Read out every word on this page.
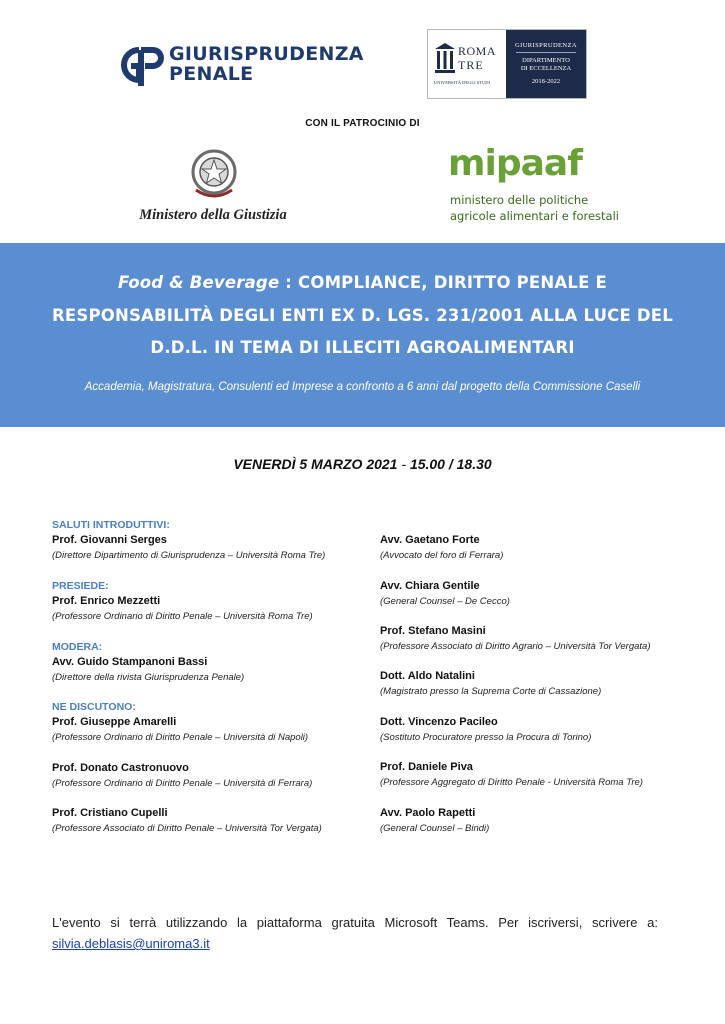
GIURISPRUDENZA
PENALE
ROMA
TRE
UNIVERSITÀ DEGLI STUDI
GIURISPRUDENZA
DIPARTIMENTO
DI ECCELLENZA
2018-2022
CON IL PATROCINIO DI
Ministero della Giustizia
mipaaf
ministero delle politiche
agricole alimentari e forestali
Food & Beverage : COMPLIANCE, DIRITTO PENALE E
RESPONSABILITÀ DEGLI ENTI EX D. LGS. 231/2001 ALLA LUCE DEL
D.D.L. IN TEMA DI ILLECITI AGROALIMENTARI
Accademia, Magistratura, Consulenti ed Imprese a confronto a 6 anni dal progetto della Commissione Caselli
VENERDÌ 5 MARZO 2021 - 15.00 / 18.30
SALUTI INTRODUTTIVI:
Prof. Giovanni Serges
(Direttore Dipartimento di Giurisprudenza – Università Roma Tre)
PRESIEDE:
Prof. Enrico Mezzetti
(Professore Ordinario di Diritto Penale – Università Roma Tre)
MODERA:
Avv. Guido Stampanoni Bassi
(Direttore della rivista Giurisprudenza Penale)
NE DISCUTONO:
Prof. Giuseppe Amarelli
(Professore Ordinario di Diritto Penale – Università di Napoli)
Prof. Donato Castronuovo
(Professore Ordinario di Diritto Penale – Università di Ferrara)
Prof. Cristiano Cupelli
(Professore Associato di Diritto Penale – Università Tor Vergata)
Avv. Gaetano Forte
(Avvocato del foro di Ferrara)
Avv. Chiara Gentile
(General Counsel – De Cecco)
Prof. Stefano Masini
(Professore Associato di Diritto Agrario – Università Tor Vergata)
Dott. Aldo Natalini
(Magistrato presso la Suprema Corte di Cassazione)
Dott. Vincenzo Pacileo
(Sostituto Procuratore presso la Procura di Torino)
Prof. Daniele Piva
(Professore Aggregato di Diritto Penale - Università Roma Tre)
Avv. Paolo Rapetti
(General Counsel – Bindi)
L'evento si terrà utilizzando la piattaforma gratuita Microsoft Teams. Per iscriversi, scrivere a:
silvia.deblasis@uniroma3.it
